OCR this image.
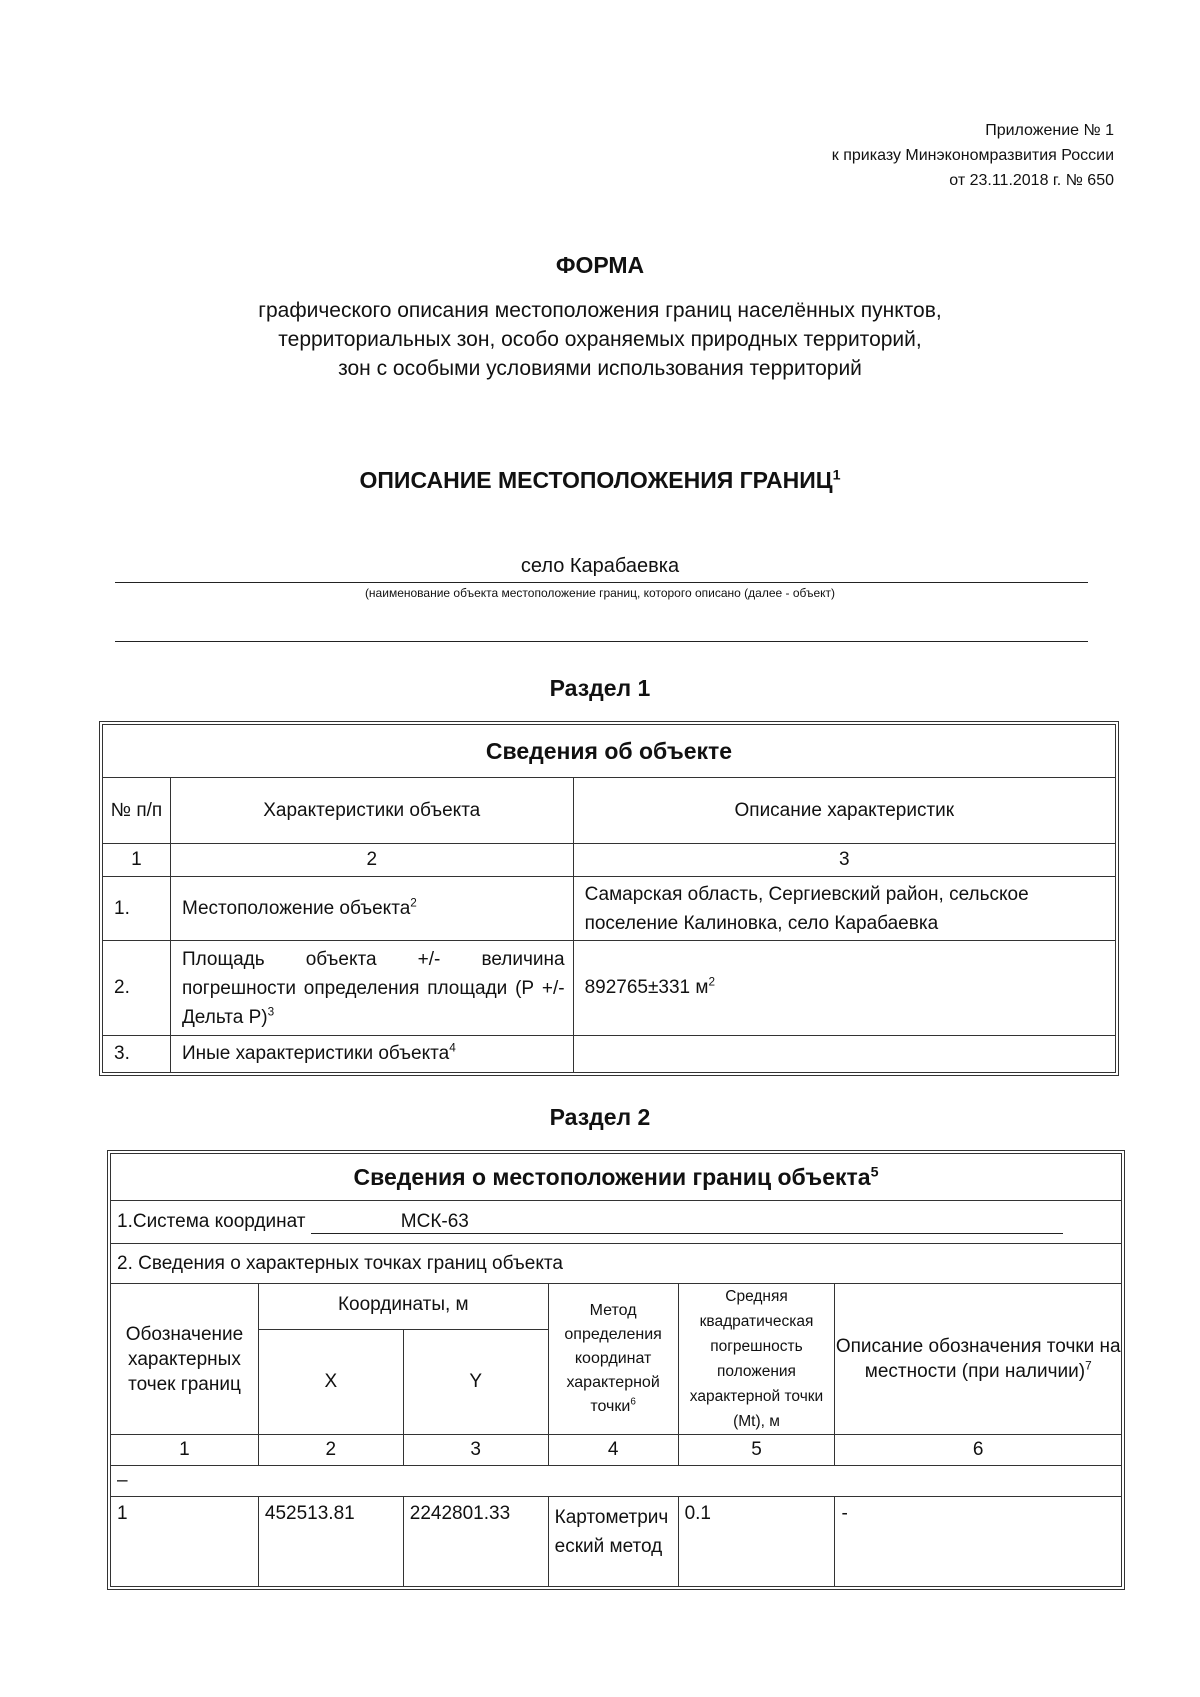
Приложение № 1
к приказу Минэкономразвития России
от 23.11.2018 г. № 650
ФОРМА
графического описания местоположения границ населённых пунктов,
территориальных зон, особо охраняемых природных территорий,
зон с особыми условиями использования территорий
ОПИСАНИЕ МЕСТОПОЛОЖЕНИЯ ГРАНИЦ$^1$
село Карабаевка
(наименование объекта местоположение границ, которого описано (далее - объект)
Раздел 1
Сведения об объекте		
№ п/п	Характеристики объекта	Описание характеристик
1	2	3
1.	Местоположение объекта$^2$	Самарская область, Сергиевский район, сельское поселение Калиновка, село Карабаевка
2.	Площадь объекта +/- величина погрешности определения площади (Р +/- Дельта Р)$^3$	892765±331 $м^2$
3.	Иные характеристики объекта$^4$	
Раздел 2
Сведения о местоположении границ объекта$^5$
1.Система координат МСК-63					
2. Сведения о характерных точках границ объекта					
Обозначение характерных точек границ	Координаты, м		Метод определения координат характерной точки$^6$	Средняя квадратическая погрешность положения характерной точки (Mt), м	Описание обозначения точки на местности (при наличии)$^7$
	X	Y			
1	2	3	4	5	6
–					
1	452513.81	2242801.33	Картометрический метод	0.1	-
